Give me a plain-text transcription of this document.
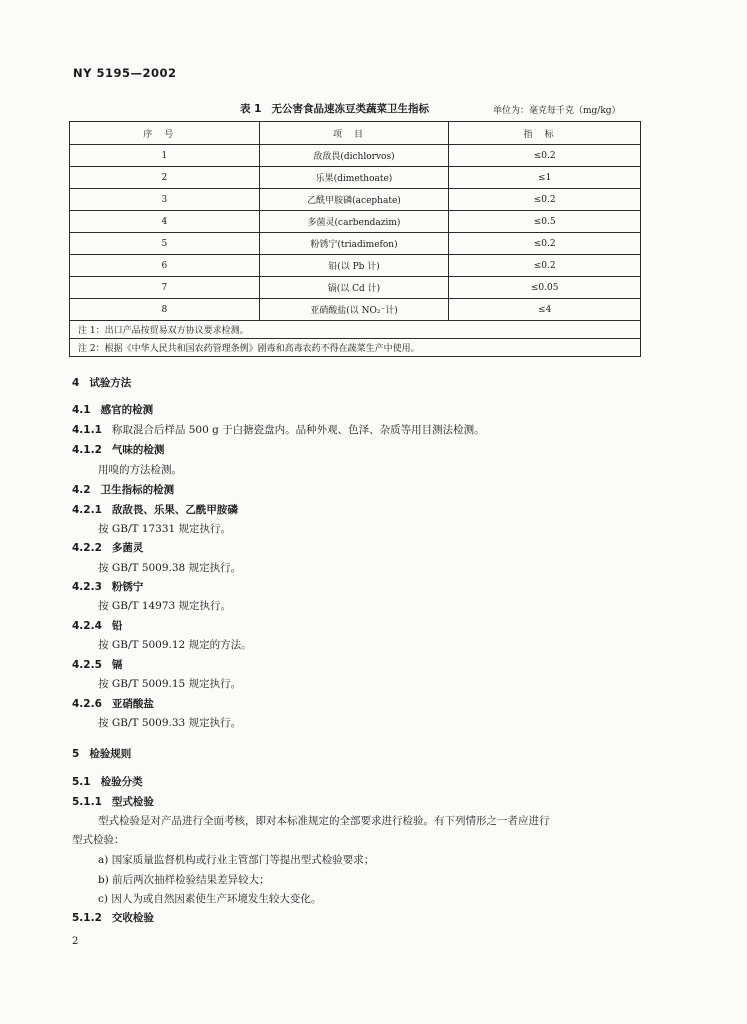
NY 5195—2002
表 1 无公害食品速冻豆类蔬菜卫生指标	单位为：毫克每千克（mg/kg）
序号	项目	指标
1	敌敌畏(dichlorvos)	≤0.2
2	乐果(dimethoate)	≤1
3	乙酰甲胺磷(acephate)	≤0.2
4	多菌灵(carbendazim)	≤0.5
5	粉锈宁(triadimefon)	≤0.2
6	铅(以 Pb 计)	≤0.2
7	镉(以 Cd 计)	≤0.05
8	亚硝酸盐(以 NO₂⁻计)	≤4
注 1：出口产品按贸易双方协议要求检测。		
注 2：根据《中华人民共和国农药管理条例》剧毒和高毒农药不得在蔬菜生产中使用。		
4 试验方法
4.1 感官的检测
4.1.1 称取混合后样品 500 g 于白搪瓷盘内。品种外观、色泽、杂质等用目测法检测。
4.1.2 气味的检测
用嗅的方法检测。
4.2 卫生指标的检测
4.2.1 敌敌畏、乐果、乙酰甲胺磷
按 GB/T 17331 规定执行。
4.2.2 多菌灵
按 GB/T 5009.38 规定执行。
4.2.3 粉锈宁
按 GB/T 14973 规定执行。
4.2.4 铅
按 GB/T 5009.12 规定的方法。
4.2.5 镉
按 GB/T 5009.15 规定执行。
4.2.6 亚硝酸盐
按 GB/T 5009.33 规定执行。
5 检验规则
5.1 检验分类
5.1.1 型式检验
型式检验是对产品进行全面考核，即对本标准规定的全部要求进行检验。有下列情形之一者应进行
型式检验：
a) 国家质量监督机构或行业主管部门等提出型式检验要求；
b) 前后两次抽样检验结果差异较大；
c) 因人为或自然因素使生产环境发生较大变化。
5.1.2 交收检验
2
